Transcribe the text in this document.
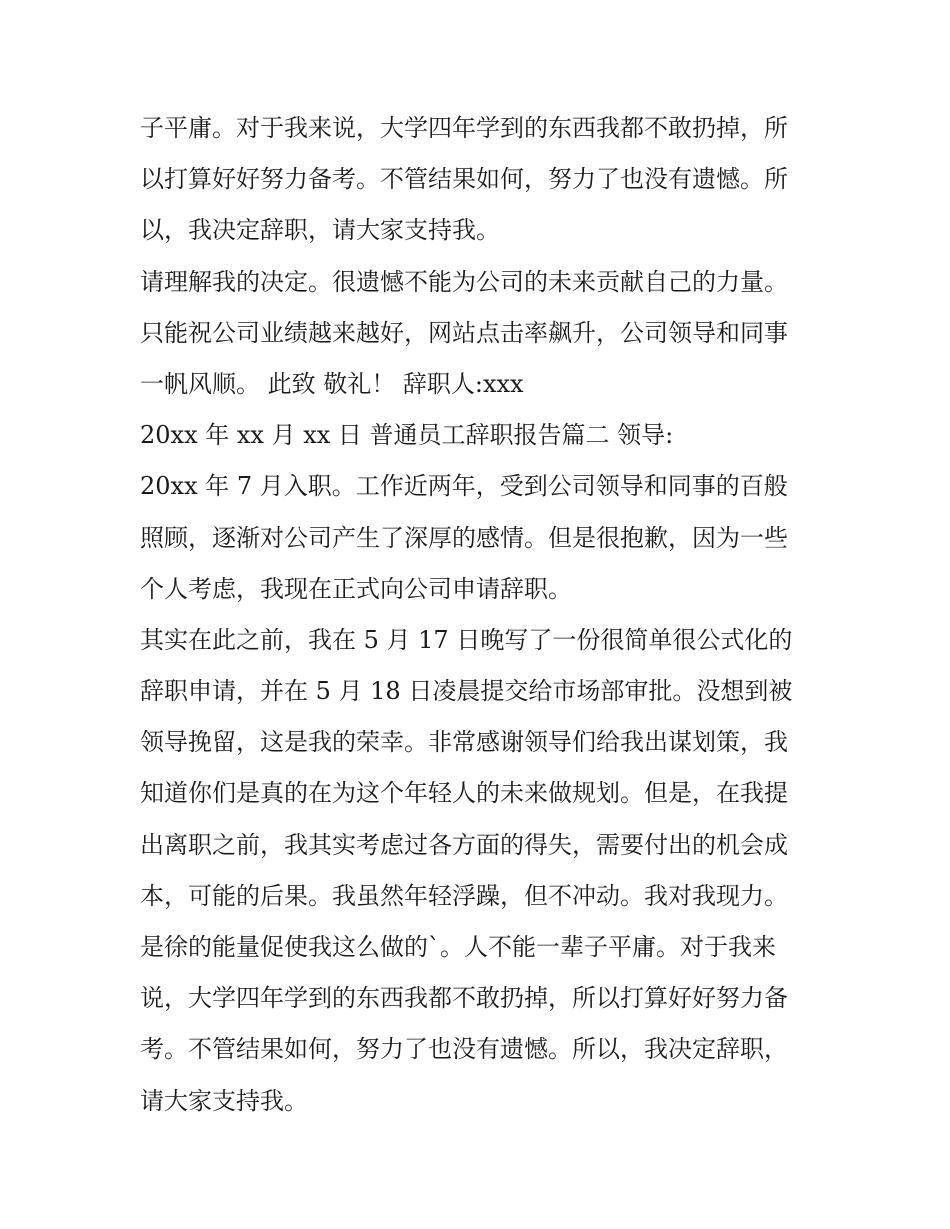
子平庸。对于我来说，大学四年学到的东西我都不敢扔掉，所
以打算好好努力备考。不管结果如何，努力了也没有遗憾。所
以，我决定辞职，请大家支持我。
请理解我的决定。很遗憾不能为公司的未来贡献自己的力量。
只能祝公司业绩越来越好，网站点击率飙升，公司领导和同事
一帆风顺。 此致 敬礼！ 辞职人:xxx
20xx 年 xx 月 xx 日 普通员工辞职报告篇二 领导:
20xx 年 7 月入职。工作近两年，受到公司领导和同事的百般
照顾，逐渐对公司产生了深厚的感情。但是很抱歉，因为一些
个人考虑，我现在正式向公司申请辞职。
其实在此之前，我在 5 月 17 日晚写了一份很简单很公式化的
辞职申请，并在 5 月 18 日凌晨提交给市场部审批。没想到被
领导挽留，这是我的荣幸。非常感谢领导们给我出谋划策，我
知道你们是真的在为这个年轻人的未来做规划。但是，在我提
出离职之前，我其实考虑过各方面的得失，需要付出的机会成
本，可能的后果。我虽然年轻浮躁，但不冲动。我对我现力。
是徐的能量促使我这么做的`。人不能一辈子平庸。对于我来
说，大学四年学到的东西我都不敢扔掉，所以打算好好努力备
考。不管结果如何，努力了也没有遗憾。所以，我决定辞职，
请大家支持我。
